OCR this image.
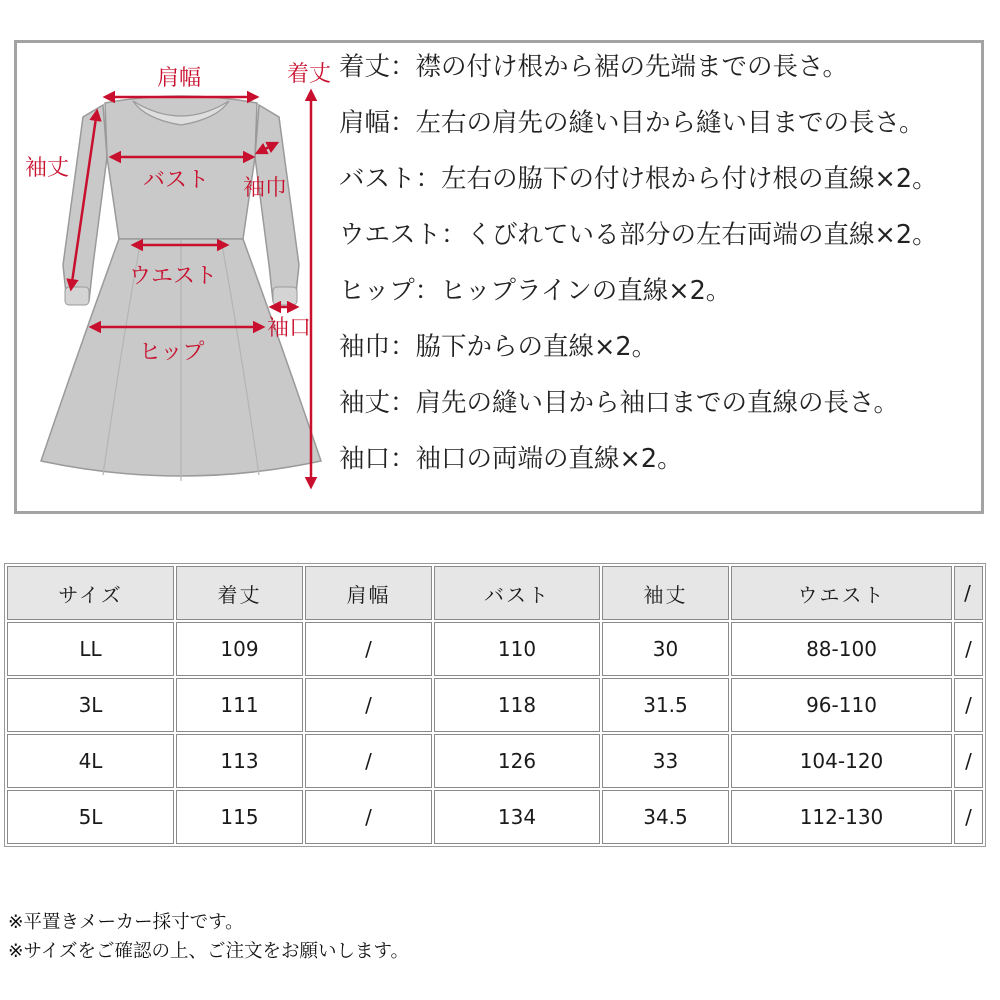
肩幅	着丈
袖丈	バスト 袖巾
ウエスト
ヒップ
袖口
着丈：襟の付け根から裾の先端までの長さ。
肩幅：左右の肩先の縫い目から縫い目までの長さ。
バスト：左右の脇下の付け根から付け根の直線×2。
ウエスト：くびれている部分の左右両端の直線×2。
ヒップ：ヒップラインの直線×2。
袖巾：脇下からの直線×2。
袖丈：肩先の縫い目から袖口までの直線の長さ。
袖口：袖口の両端の直線×2。
サイズ	着丈	肩幅	バスト	袖丈	ウエスト	/
LL	109	/	110	30	88-100	/
3L	111	/	118	31.5	96-110	/
4L	113	/	126	33	104-120	/
5L	115	/	134	34.5	112-130	/
※平置きメーカー採寸です。
※サイズをご確認の上、ご注文をお願いします。
